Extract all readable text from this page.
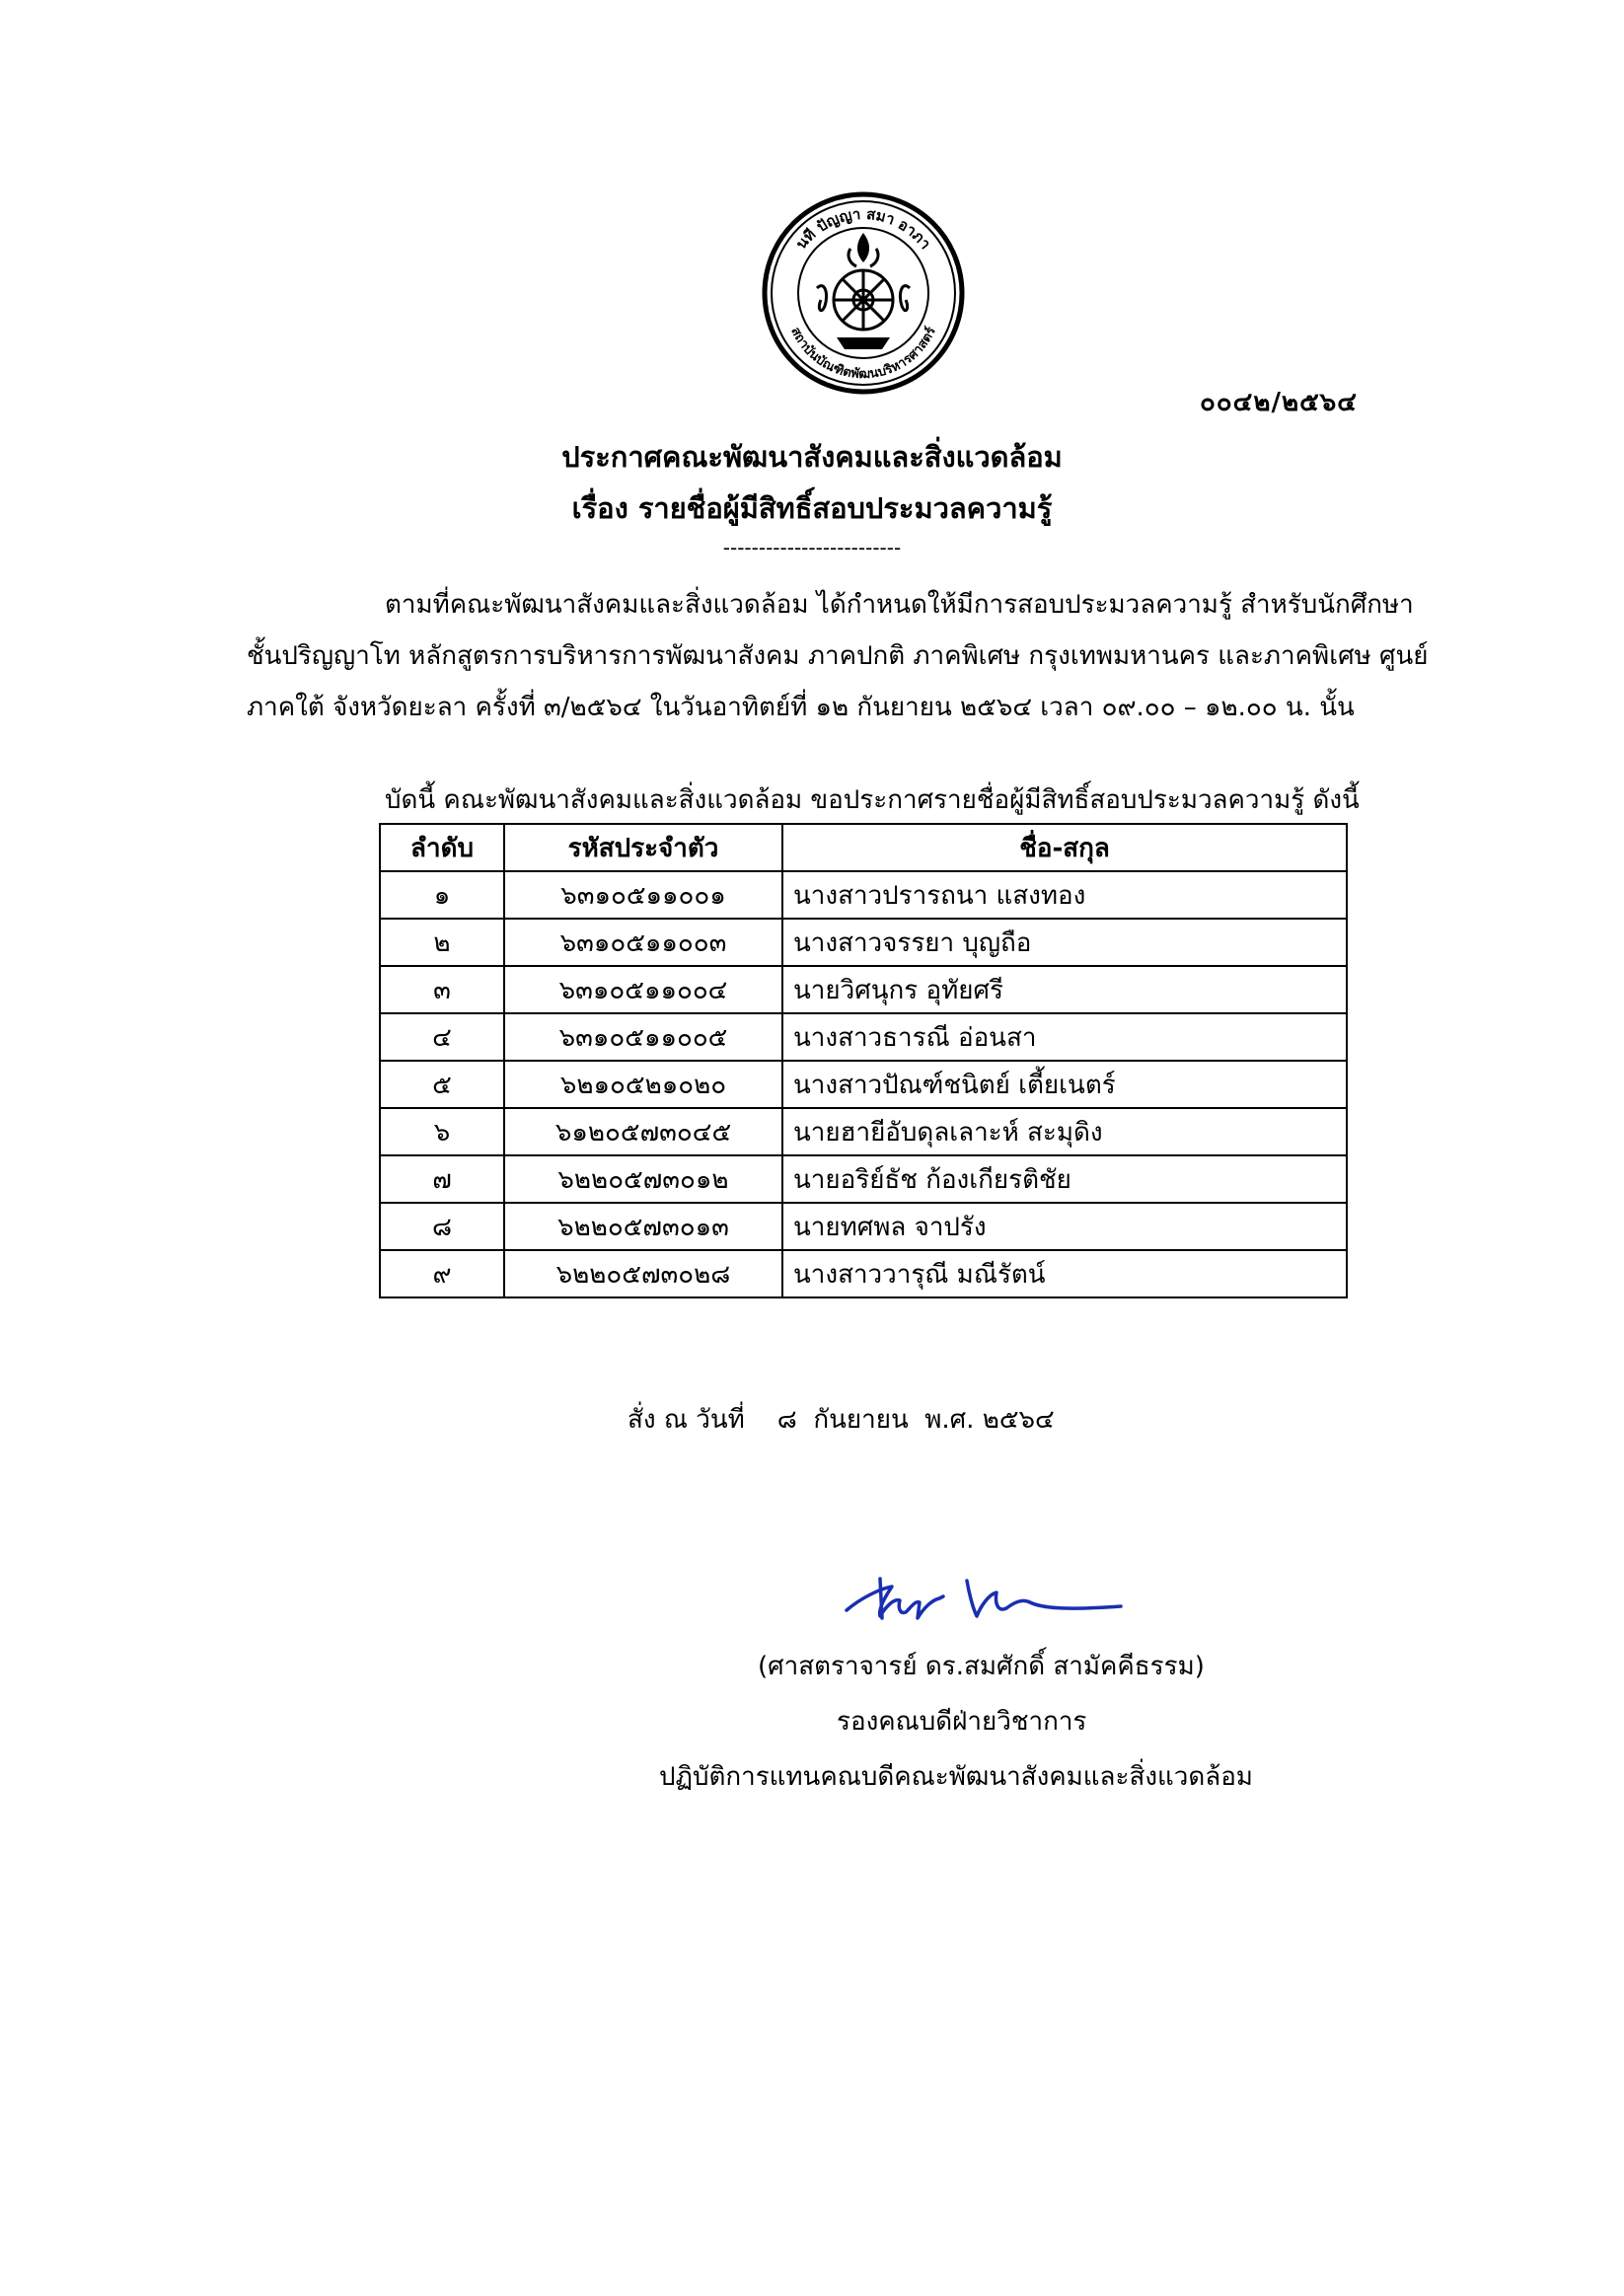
นที ปัญญา สมา อาภา
สถาบันบัณฑิตพัฒนบริหารศาสตร์
๐๐๔๒/๒๕๖๔
ประกาศคณะพัฒนาสังคมและสิ่งแวดล้อม
เรื่อง รายชื่อผู้มีสิทธิ์สอบประมวลความรู้
-------------------------
ตามที่คณะพัฒนาสังคมและสิ่งแวดล้อม ได้กำหนดให้มีการสอบประมวลความรู้ สำหรับนักศึกษา
ชั้นปริญญาโท หลักสูตรการบริหารการพัฒนาสังคม ภาคปกติ ภาคพิเศษ กรุงเทพมหานคร และภาคพิเศษ ศูนย์
ภาคใต้ จังหวัดยะลา ครั้งที่ ๓/๒๕๖๔ ในวันอาทิตย์ที่ ๑๒ กันยายน ๒๕๖๔ เวลา ๐๙.๐๐ – ๑๒.๐๐ น. นั้น
บัดนี้ คณะพัฒนาสังคมและสิ่งแวดล้อม ขอประกาศรายชื่อผู้มีสิทธิ์สอบประมวลความรู้ ดังนี้
ลำดับ	รหัสประจำตัว	ชื่อ-สกุล
๑	๖๓๑๐๕๑๑๐๐๑	นางสาวปรารถนา แสงทอง
๒	๖๓๑๐๕๑๑๐๐๓	นางสาวจรรยา บุญถือ
๓	๖๓๑๐๕๑๑๐๐๔	นายวิศนุกร อุทัยศรี
๔	๖๓๑๐๕๑๑๐๐๕	นางสาวธารณี อ่อนสา
๕	๖๒๑๐๕๒๑๐๒๐	นางสาวปัณฑ์ชนิตย์ เตี้ยเนตร์
๖	๖๑๒๐๕๗๓๐๔๕	นายฮายีอับดุลเลาะห์ สะมุดิง
๗	๖๒๒๐๕๗๓๐๑๒	นายอริย์ธัช ก้องเกียรติชัย
๘	๖๒๒๐๕๗๓๐๑๓	นายทศพล จาปรัง
๙	๖๒๒๐๕๗๓๐๒๘	นางสาววารุณี มณีรัตน์
สั่ง ณ วันที่    ๘  กันยายน  พ.ศ. ๒๕๖๔
(ศาสตราจารย์ ดร.สมศักดิ์ สามัคคีธรรม)
รองคณบดีฝ่ายวิชาการ
ปฏิบัติการแทนคณบดีคณะพัฒนาสังคมและสิ่งแวดล้อม
